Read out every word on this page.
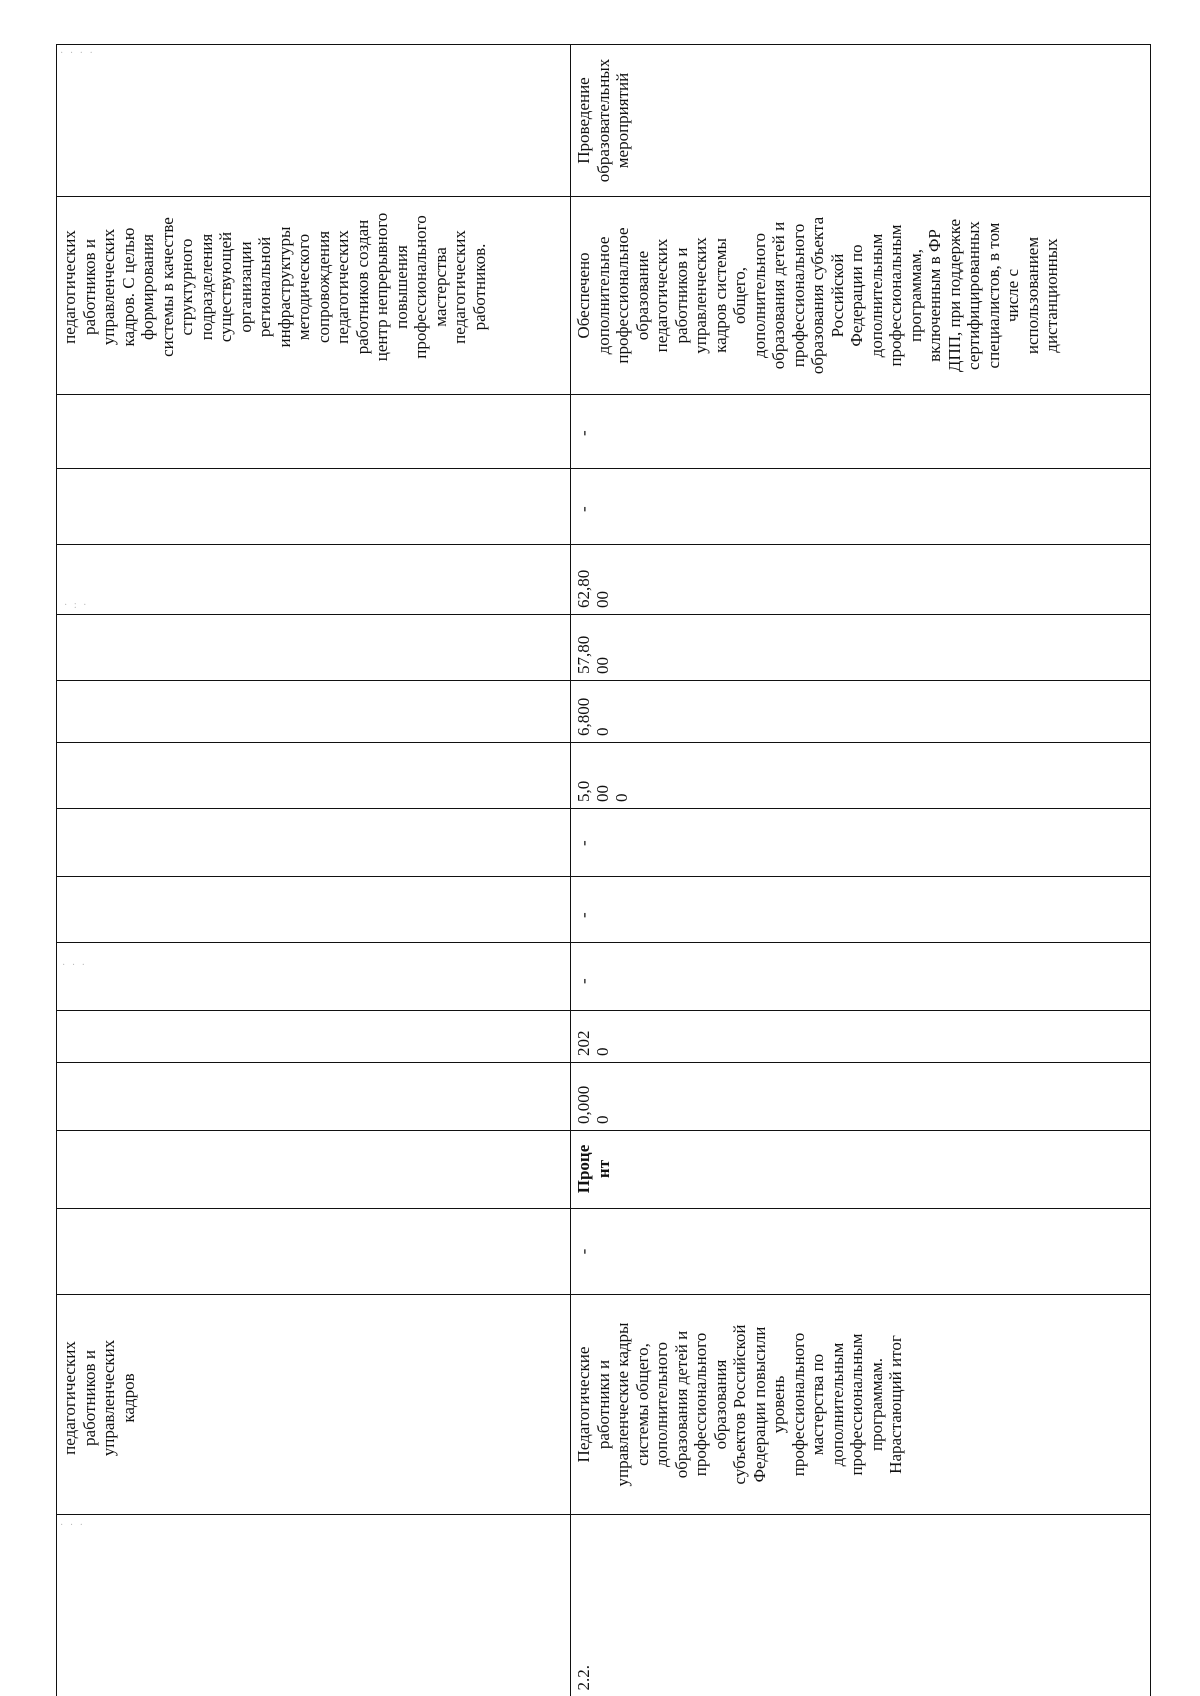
педагогических
работников и
управленческих
кадров. С целью
формирования
системы в качестве
структурного
подразделения
существующей
организации
региональной
инфраструктуры
методического
сопровождения
педагогических
работников создан
центр непрерывного
повышения
профессионального
мастерства
педагогических
работников.
педагогических
работников и
управленческих
кадров
2.2.
Педагогические
работники и
управленческие кадры
системы общего,
дополнительного
образования детей и
профессионального
образования
субъектов Российской
Федерации повысили
уровень
профессионального
мастерства по
дополнительным
профессиональным
программам.
Нарастающий итог
-
Проце
нт
0,000
0
202
0
-
-
-
5,0
00
0
6,800
0
57,80
00
62,80
00
-
-
Обеспечено
дополнительное
профессиональное
образование
педагогических
работников и
управленческих
кадров системы
общего,
дополнительного
образования детей и
профессионального
образования субъекта
Российской
Федерации по
дополнительным
профессиональным
программам,
включенным в ФР
ДПП, при поддержке
сертифицированных
специалистов, в том
числе с
использованием
дистанционных
Проведение
образовательных
мероприятий
· · · ·
· : ·
· · ·
· · ·
